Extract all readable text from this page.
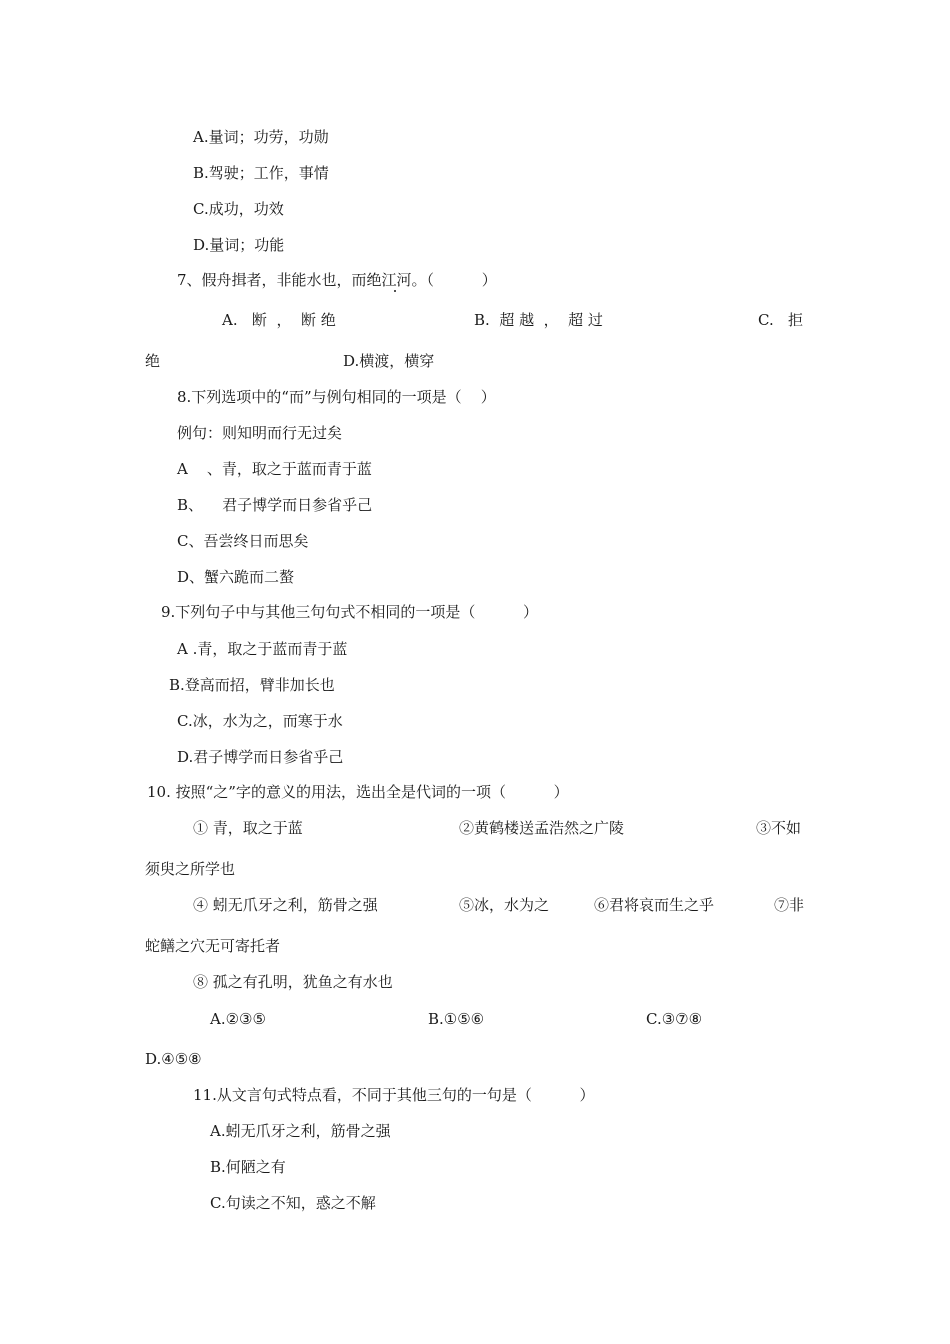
A.量词；功劳，功勋
B.驾驶；工作，事情
C.成功，功效
D.量词；功能
7、假舟揖者，非能水也，而绝江河。（          ）
A.   断  ，  断 绝	B.  超 越  ，  超 过	C.   拒
绝	D.横渡，横穿
8.下列选项中的“而”与例句相同的一项是（    ）
例句：则知明而行无过矣
A    、青，取之于蓝而青于蓝
B、    君子博学而日参省乎己
C、吾尝终日而思矣
D、蟹六跪而二螯
9.下列句子中与其他三句句式不相同的一项是（          ）
A .青，取之于蓝而青于蓝
B.登高而招，臂非加长也
C.冰，水为之，而寒于水
D.君子博学而日参省乎己
10. 按照“之”字的意义的用法，选出全是代词的一项（          ）
① 青，取之于蓝	②黄鹤楼送孟浩然之广陵	③不如
须臾之所学也
④ 蚓无爪牙之利，筋骨之强	⑤冰，水为之	⑥君将哀而生之乎	⑦非
蛇鳝之穴无可寄托者
⑧ 孤之有孔明，犹鱼之有水也
A.②③⑤	B.①⑤⑥	C.③⑦⑧
D.④⑤⑧
11.从文言句式特点看，不同于其他三句的一句是（          ）
A.蚓无爪牙之利，筋骨之强
B.何陋之有
C.句读之不知，惑之不解
